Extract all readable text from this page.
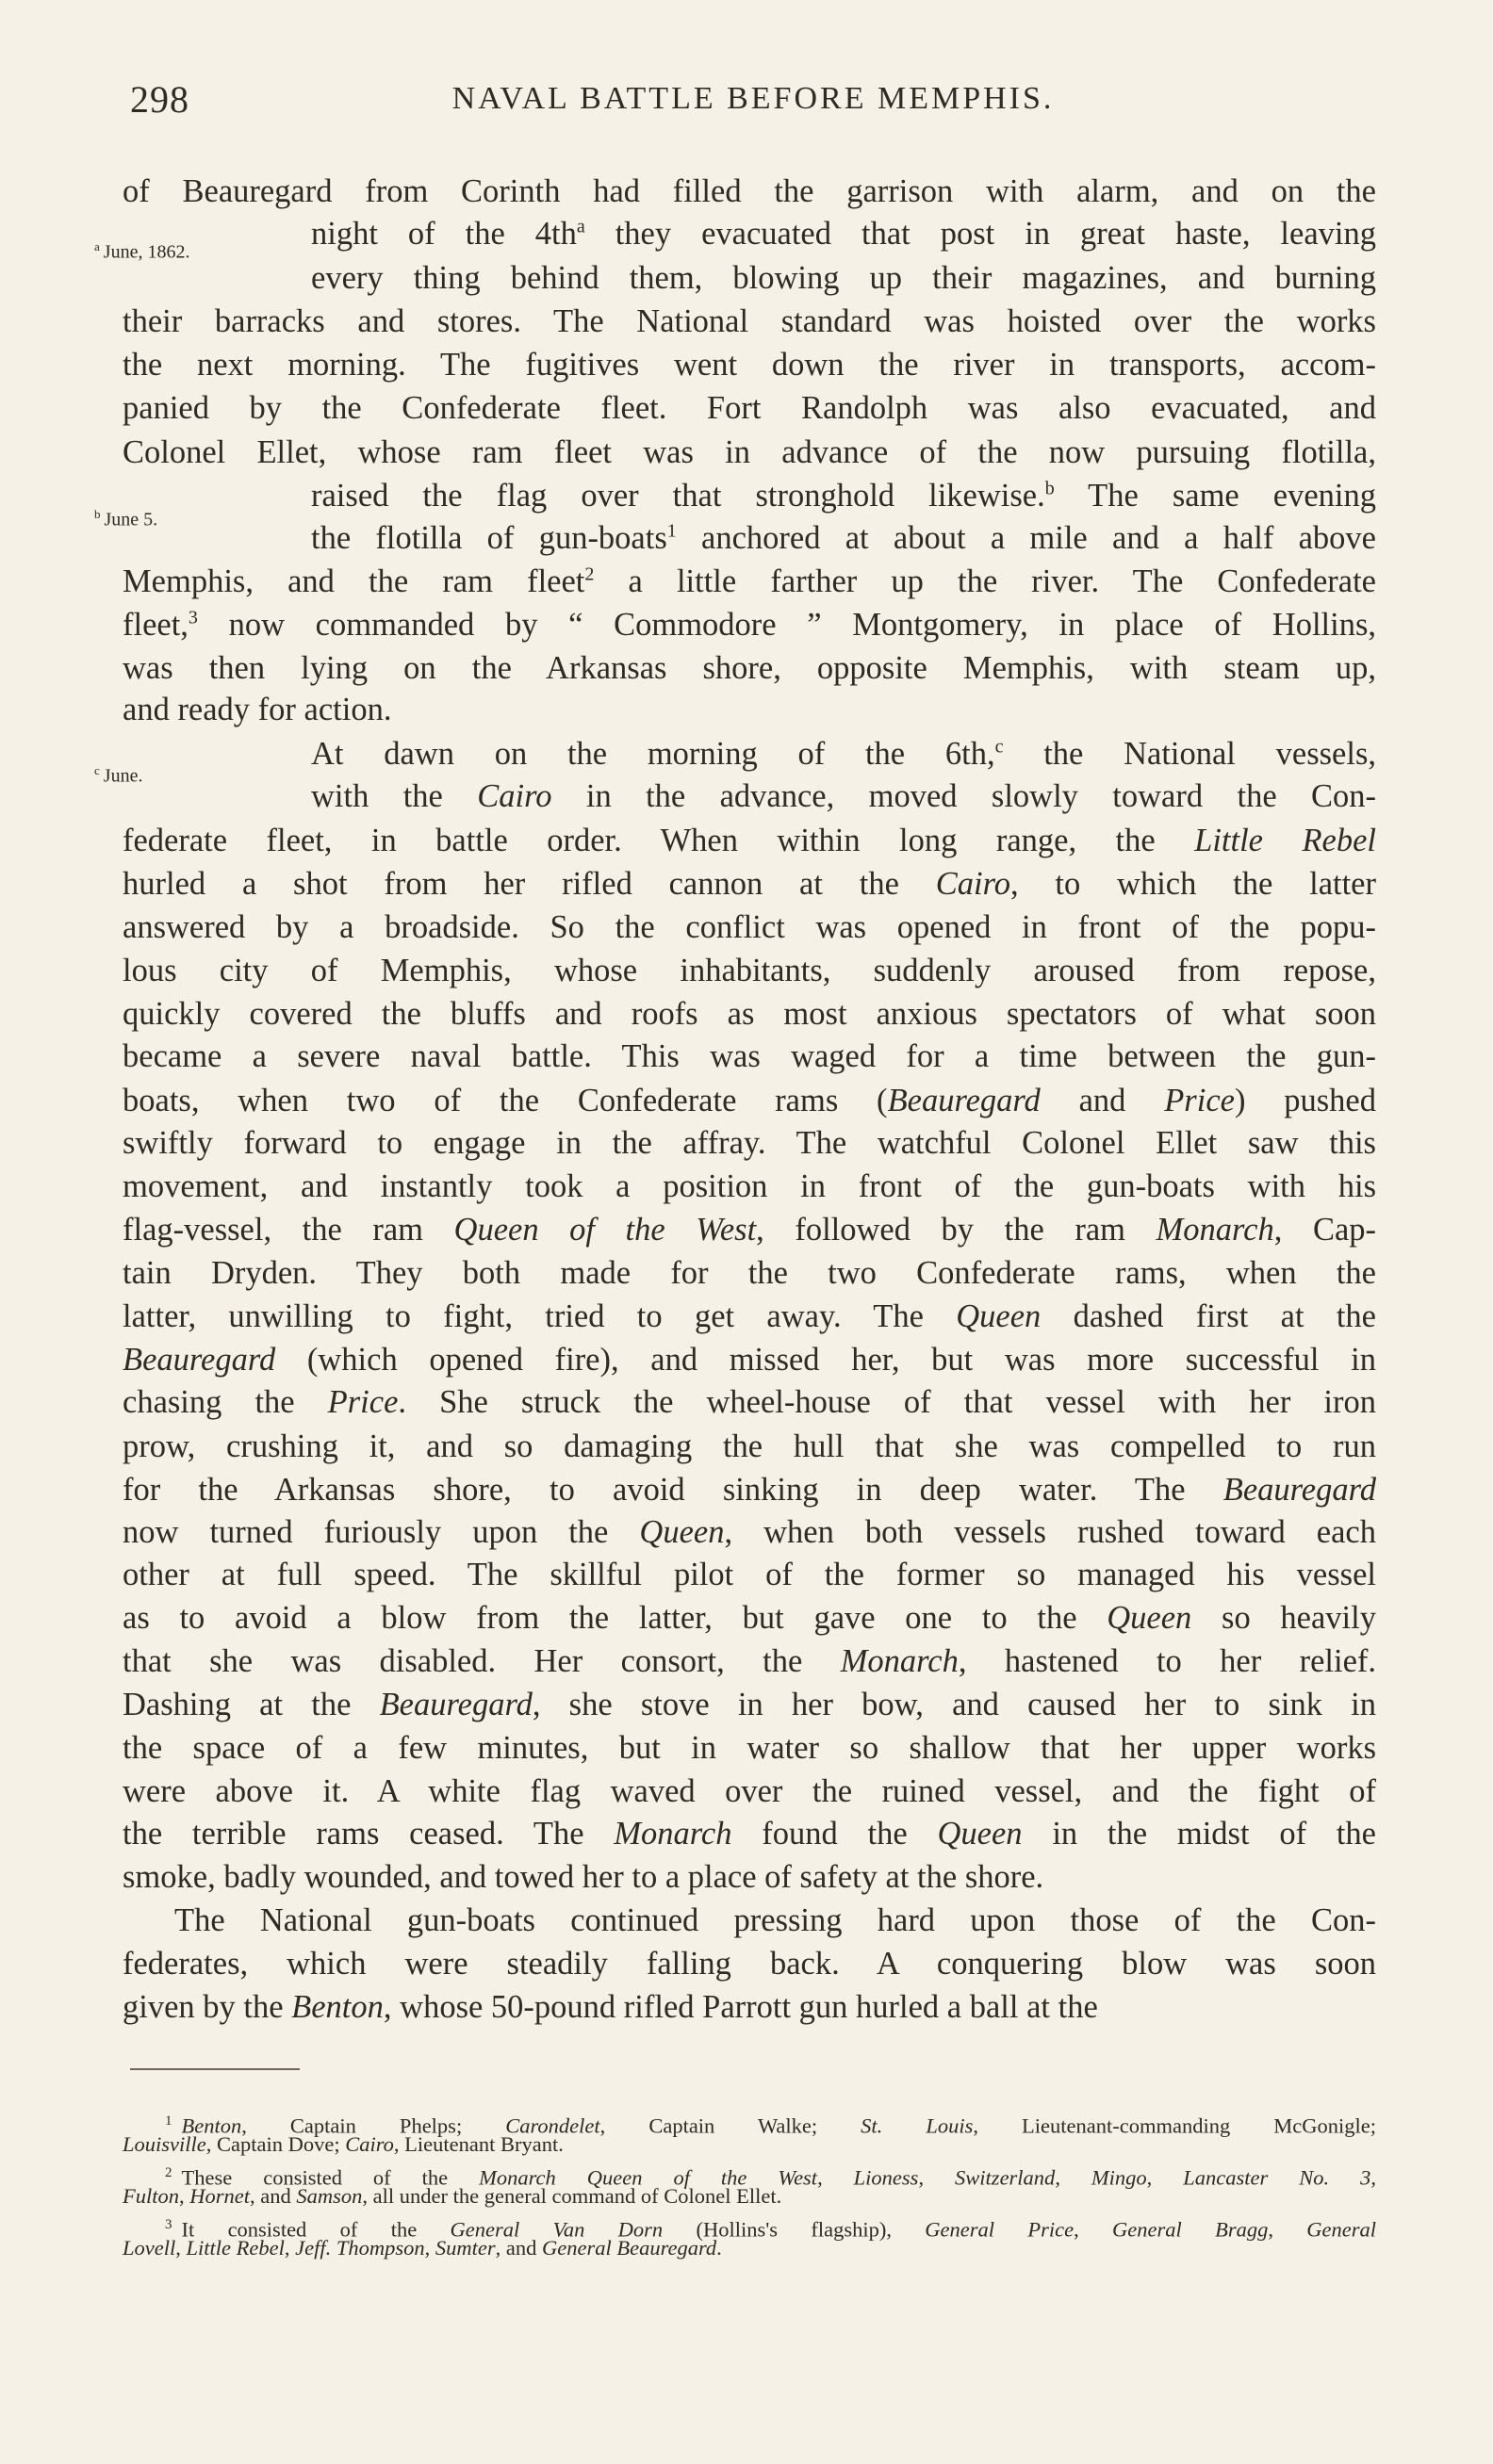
298	NAVAL BATTLE BEFORE MEMPHIS.
$^a$ June, 1862.
$^b$ June 5.
$^c$ June.
of Beauregard from Corinth had filled the garrison with alarm, and on the
night of the $4th^a$ they evacuated that post in great haste, leaving
every thing behind them, blowing up their magazines, and burning
their barracks and stores. The National standard was hoisted over the works
the next morning. The fugitives went down the river in transports, accom-
panied by the Confederate fleet. Fort Randolph was also evacuated, and
Colonel Ellet, whose ram fleet was in advance of the now pursuing flotilla,
raised the flag over that stronghold likewise.$^b$ The same evening
the flotilla of gun-boats$^1$ anchored at about a mile and a half above
Memphis, and the ram fleet$^2$ a little farther up the river. The Confederate
fleet,$^3$ now commanded by “ Commodore ” Montgomery, in place of Hollins,
was then lying on the Arkansas shore, opposite Memphis, with steam up,
and ready for action.
At dawn on the morning of the 6th,$^c$ the National vessels,
with the Cairo in the advance, moved slowly toward the Con-
federate fleet, in battle order. When within long range, the Little Rebel
hurled a shot from her rifled cannon at the Cairo, to which the latter
answered by a broadside. So the conflict was opened in front of the popu-
lous city of Memphis, whose inhabitants, suddenly aroused from repose,
quickly covered the bluffs and roofs as most anxious spectators of what soon
became a severe naval battle. This was waged for a time between the gun-
boats, when two of the Confederate rams (Beauregard and Price) pushed
swiftly forward to engage in the affray. The watchful Colonel Ellet saw this
movement, and instantly took a position in front of the gun-boats with his
flag-vessel, the ram Queen of the West, followed by the ram Monarch, Cap-
tain Dryden. They both made for the two Confederate rams, when the
latter, unwilling to fight, tried to get away. The Queen dashed first at the
Beauregard (which opened fire), and missed her, but was more successful in
chasing the Price. She struck the wheel-house of that vessel with her iron
prow, crushing it, and so damaging the hull that she was compelled to run
for the Arkansas shore, to avoid sinking in deep water. The Beauregard
now turned furiously upon the Queen, when both vessels rushed toward each
other at full speed. The skillful pilot of the former so managed his vessel
as to avoid a blow from the latter, but gave one to the Queen so heavily
that she was disabled. Her consort, the Monarch, hastened to her relief.
Dashing at the Beauregard, she stove in her bow, and caused her to sink in
the space of a few minutes, but in water so shallow that her upper works
were above it. A white flag waved over the ruined vessel, and the fight of
the terrible rams ceased. The Monarch found the Queen in the midst of the
smoke, badly wounded, and towed her to a place of safety at the shore.
The National gun-boats continued pressing hard upon those of the Con-
federates, which were steadily falling back. A conquering blow was soon
given by the Benton, whose 50-pound rifled Parrott gun hurled a ball at the
$^1$ Benton, Captain Phelps; Carondelet, Captain Walke; St. Louis, Lieutenant-commanding McGonigle;
Louisville, Captain Dove; Cairo, Lieutenant Bryant.
$^2$ These consisted of the Monarch Queen of the West, Lioness, Switzerland, Mingo, Lancaster No. 3,
Fulton, Hornet, and Samson, all under the general command of Colonel Ellet.
$^3$ It consisted of the General Van Dorn (Hollins's flagship), General Price, General Bragg, General
Lovell, Little Rebel, Jeff. Thompson, Sumter, and General Beauregard.
